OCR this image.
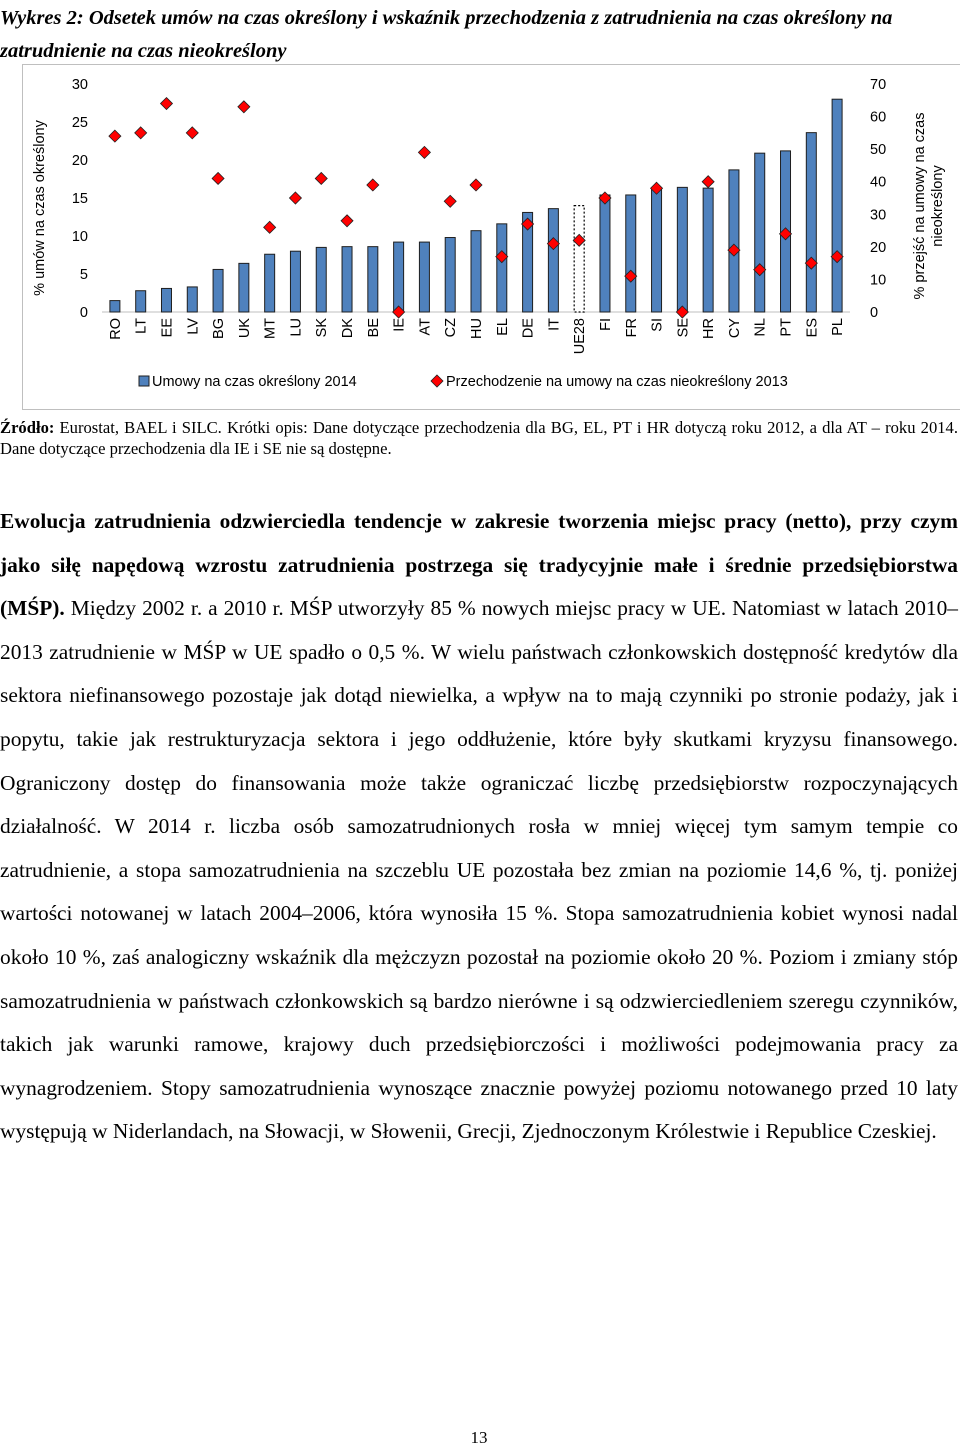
Wykres 2: Odsetek umów na czas określony i wskaźnik przechodzenia z zatrudnienia na czas określony na zatrudnienie na czas nieokreślony
% umów na czas określony
0
5
10
15
20
25
30
0
10
20
30
40
50
60
70
% przejść na umowy na czas nieokreślony
RO LT EE LV BG UK MT LU SK DK BE IE AT CZ HU EL DE IT UE28 FI FR SI SE HR CY NL PT ES PL
Umowy na czas określony 2014	Przechodzenie na umowy na czas nieokreślony 2013
Źródło: Eurostat, BAEL i SILC. Krótki opis: Dane dotyczące przechodzenia dla BG, EL, PT i HR dotyczą roku 2012, a dla AT – roku 2014. Dane dotyczące przechodzenia dla IE i SE nie są dostępne.

Ewolucja zatrudnienia odzwierciedla tendencje w zakresie tworzenia miejsc pracy (netto), przy czym jako siłę napędową wzrostu zatrudnienia postrzega się tradycyjnie małe i średnie przedsiębiorstwa (MŚP). Między 2002 r. a 2010 r. MŚP utworzyły 85 % nowych miejsc pracy w UE. Natomiast w latach 2010–2013 zatrudnienie w MŚP w UE spadło o 0,5 %. W wielu państwach członkowskich dostępność kredytów dla sektora niefinansowego pozostaje jak dotąd niewielka, a wpływ na to mają czynniki po stronie podaży, jak i popytu, takie jak restrukturyzacja sektora i jego oddłużenie, które były skutkami kryzysu finansowego. Ograniczony dostęp do finansowania może także ograniczać liczbę przedsiębiorstw rozpoczynających działalność. W 2014 r. liczba osób samozatrudnionych rosła w mniej więcej tym samym tempie co zatrudnienie, a stopa samozatrudnienia na szczeblu UE pozostała bez zmian na poziomie 14,6 %, tj. poniżej wartości notowanej w latach 2004–2006, która wynosiła 15 %. Stopa samozatrudnienia kobiet wynosi nadal około 10 %, zaś analogiczny wskaźnik dla mężczyzn pozostał na poziomie około 20 %. Poziom i zmiany stóp samozatrudnienia w państwach członkowskich są bardzo nierówne i są odzwierciedleniem szeregu czynników, takich jak warunki ramowe, krajowy duch przedsiębiorczości i możliwości podejmowania pracy za wynagrodzeniem. Stopy samozatrudnienia wynoszące znacznie powyżej poziomu notowanego przed 10 laty występują w Niderlandach, na Słowacji, w Słowenii, Grecji, Zjednoczonym Królestwie i Republice Czeskiej.

13
